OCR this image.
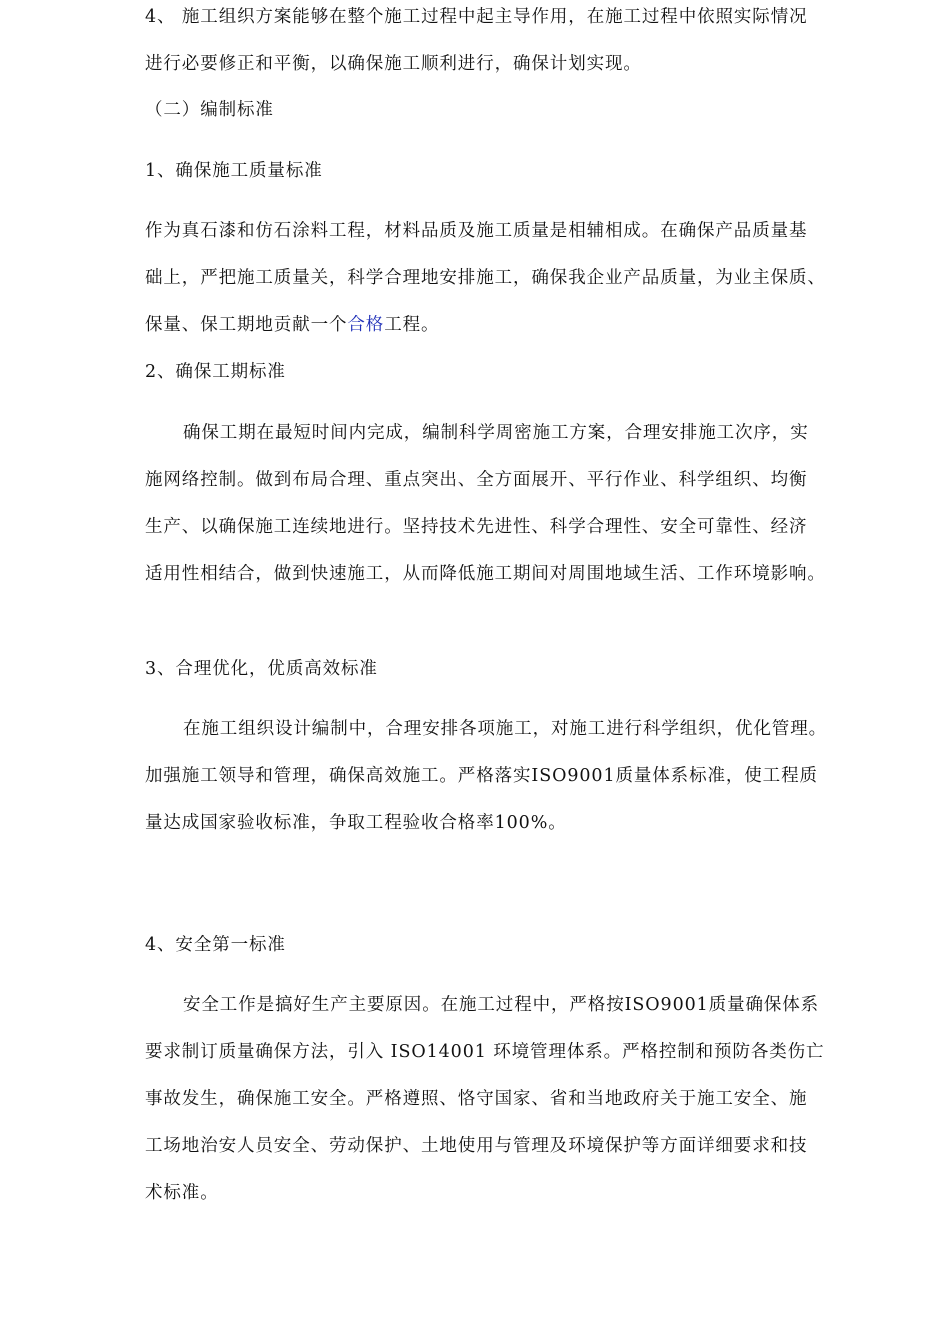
4、 施工组织方案能够在整个施工过程中起主导作用，在施工过程中依照实际情况
进行必要修正和平衡，以确保施工顺利进行，确保计划实现。
（二）编制标准
1、确保施工质量标准
作为真石漆和仿石涂料工程，材料品质及施工质量是相辅相成。在确保产品质量基
础上，严把施工质量关，科学合理地安排施工，确保我企业产品质量，为业主保质、
保量、保工期地贡献一个合格工程。
2、确保工期标准
确保工期在最短时间内完成，编制科学周密施工方案，合理安排施工次序，实
施网络控制。做到布局合理、重点突出、全方面展开、平行作业、科学组织、均衡
生产、以确保施工连续地进行。坚持技术先进性、科学合理性、安全可靠性、经济
适用性相结合，做到快速施工，从而降低施工期间对周围地域生活、工作环境影响。
3、合理优化，优质高效标准
在施工组织设计编制中，合理安排各项施工，对施工进行科学组织，优化管理。
加强施工领导和管理，确保高效施工。严格落实ISO9001质量体系标准，使工程质
量达成国家验收标准，争取工程验收合格率100%。
4、安全第一标准
安全工作是搞好生产主要原因。在施工过程中，严格按ISO9001质量确保体系
要求制订质量确保方法，引入 ISO14001 环境管理体系。严格控制和预防各类伤亡
事故发生，确保施工安全。严格遵照、恪守国家、省和当地政府关于施工安全、施
工场地治安人员安全、劳动保护、土地使用与管理及环境保护等方面详细要求和技
术标准。
